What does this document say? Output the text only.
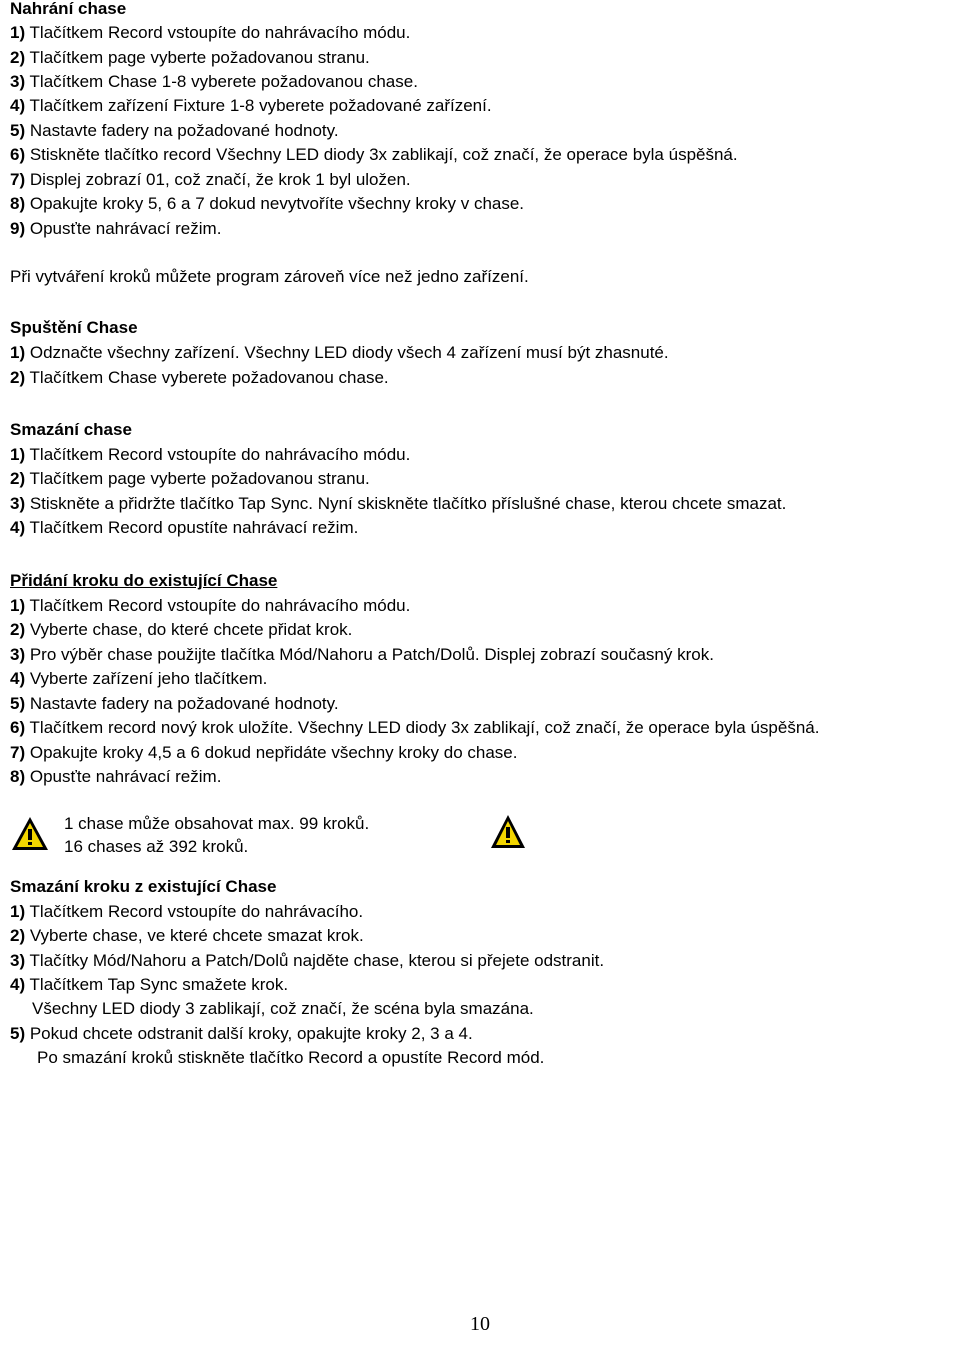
Nahrání chase
1) Tlačítkem Record vstoupíte do nahrávacího módu.
2) Tlačítkem page vyberte požadovanou stranu.
3) Tlačítkem Chase 1-8 vyberete požadovanou chase.
4) Tlačítkem zařízení Fixture 1-8 vyberete požadované zařízení.
5) Nastavte fadery na požadované hodnoty.
6) Stiskněte tlačítko record Všechny LED diody 3x zablikají, což značí, že operace byla úspěšná.
7) Displej zobrazí 01, což značí, že krok 1 byl uložen.
8) Opakujte kroky 5, 6 a 7 dokud nevytvoříte všechny kroky v chase.
9) Opusťte nahrávací režim.
Při vytváření kroků můžete program zároveň více než jedno zařízení.
Spuštění Chase
1) Odznačte všechny zařízení. Všechny LED diody všech 4 zařízení musí být zhasnuté.
2) Tlačítkem Chase vyberete požadovanou chase.
Smazání chase
1) Tlačítkem Record vstoupíte do nahrávacího módu.
2) Tlačítkem page vyberte požadovanou stranu.
3) Stiskněte a přidržte tlačítko Tap Sync. Nyní skiskněte tlačítko příslušné chase, kterou chcete smazat.
4) Tlačítkem Record opustíte nahrávací režim.
Přidání kroku do existující Chase
1) Tlačítkem Record vstoupíte do nahrávacího módu.
2) Vyberte chase, do které chcete přidat krok.
3) Pro výběr chase použijte tlačítka Mód/Nahoru a Patch/Dolů. Displej zobrazí současný krok.
4) Vyberte zařízení jeho tlačítkem.
5) Nastavte fadery na požadované hodnoty.
6) Tlačítkem record nový krok uložíte. Všechny LED diody 3x zablikají, což značí, že operace byla úspěšná.
7) Opakujte kroky 4,5 a 6 dokud nepřidáte všechny kroky do chase.
8) Opusťte nahrávací režim.
1 chase může obsahovat max. 99 kroků.
16 chases až 392 kroků.
Smazání kroku z existující Chase
1) Tlačítkem Record vstoupíte do nahrávacího.
2) Vyberte chase, ve které chcete smazat krok.
3) Tlačítky Mód/Nahoru a Patch/Dolů najděte chase, kterou si přejete odstranit.
4) Tlačítkem Tap Sync smažete krok.
Všechny LED diody 3 zablikají, což značí, že scéna byla smazána.
5) Pokud chcete odstranit další kroky, opakujte kroky 2, 3 a 4.
Po smazání kroků stiskněte tlačítko Record a opustíte Record mód.
10
